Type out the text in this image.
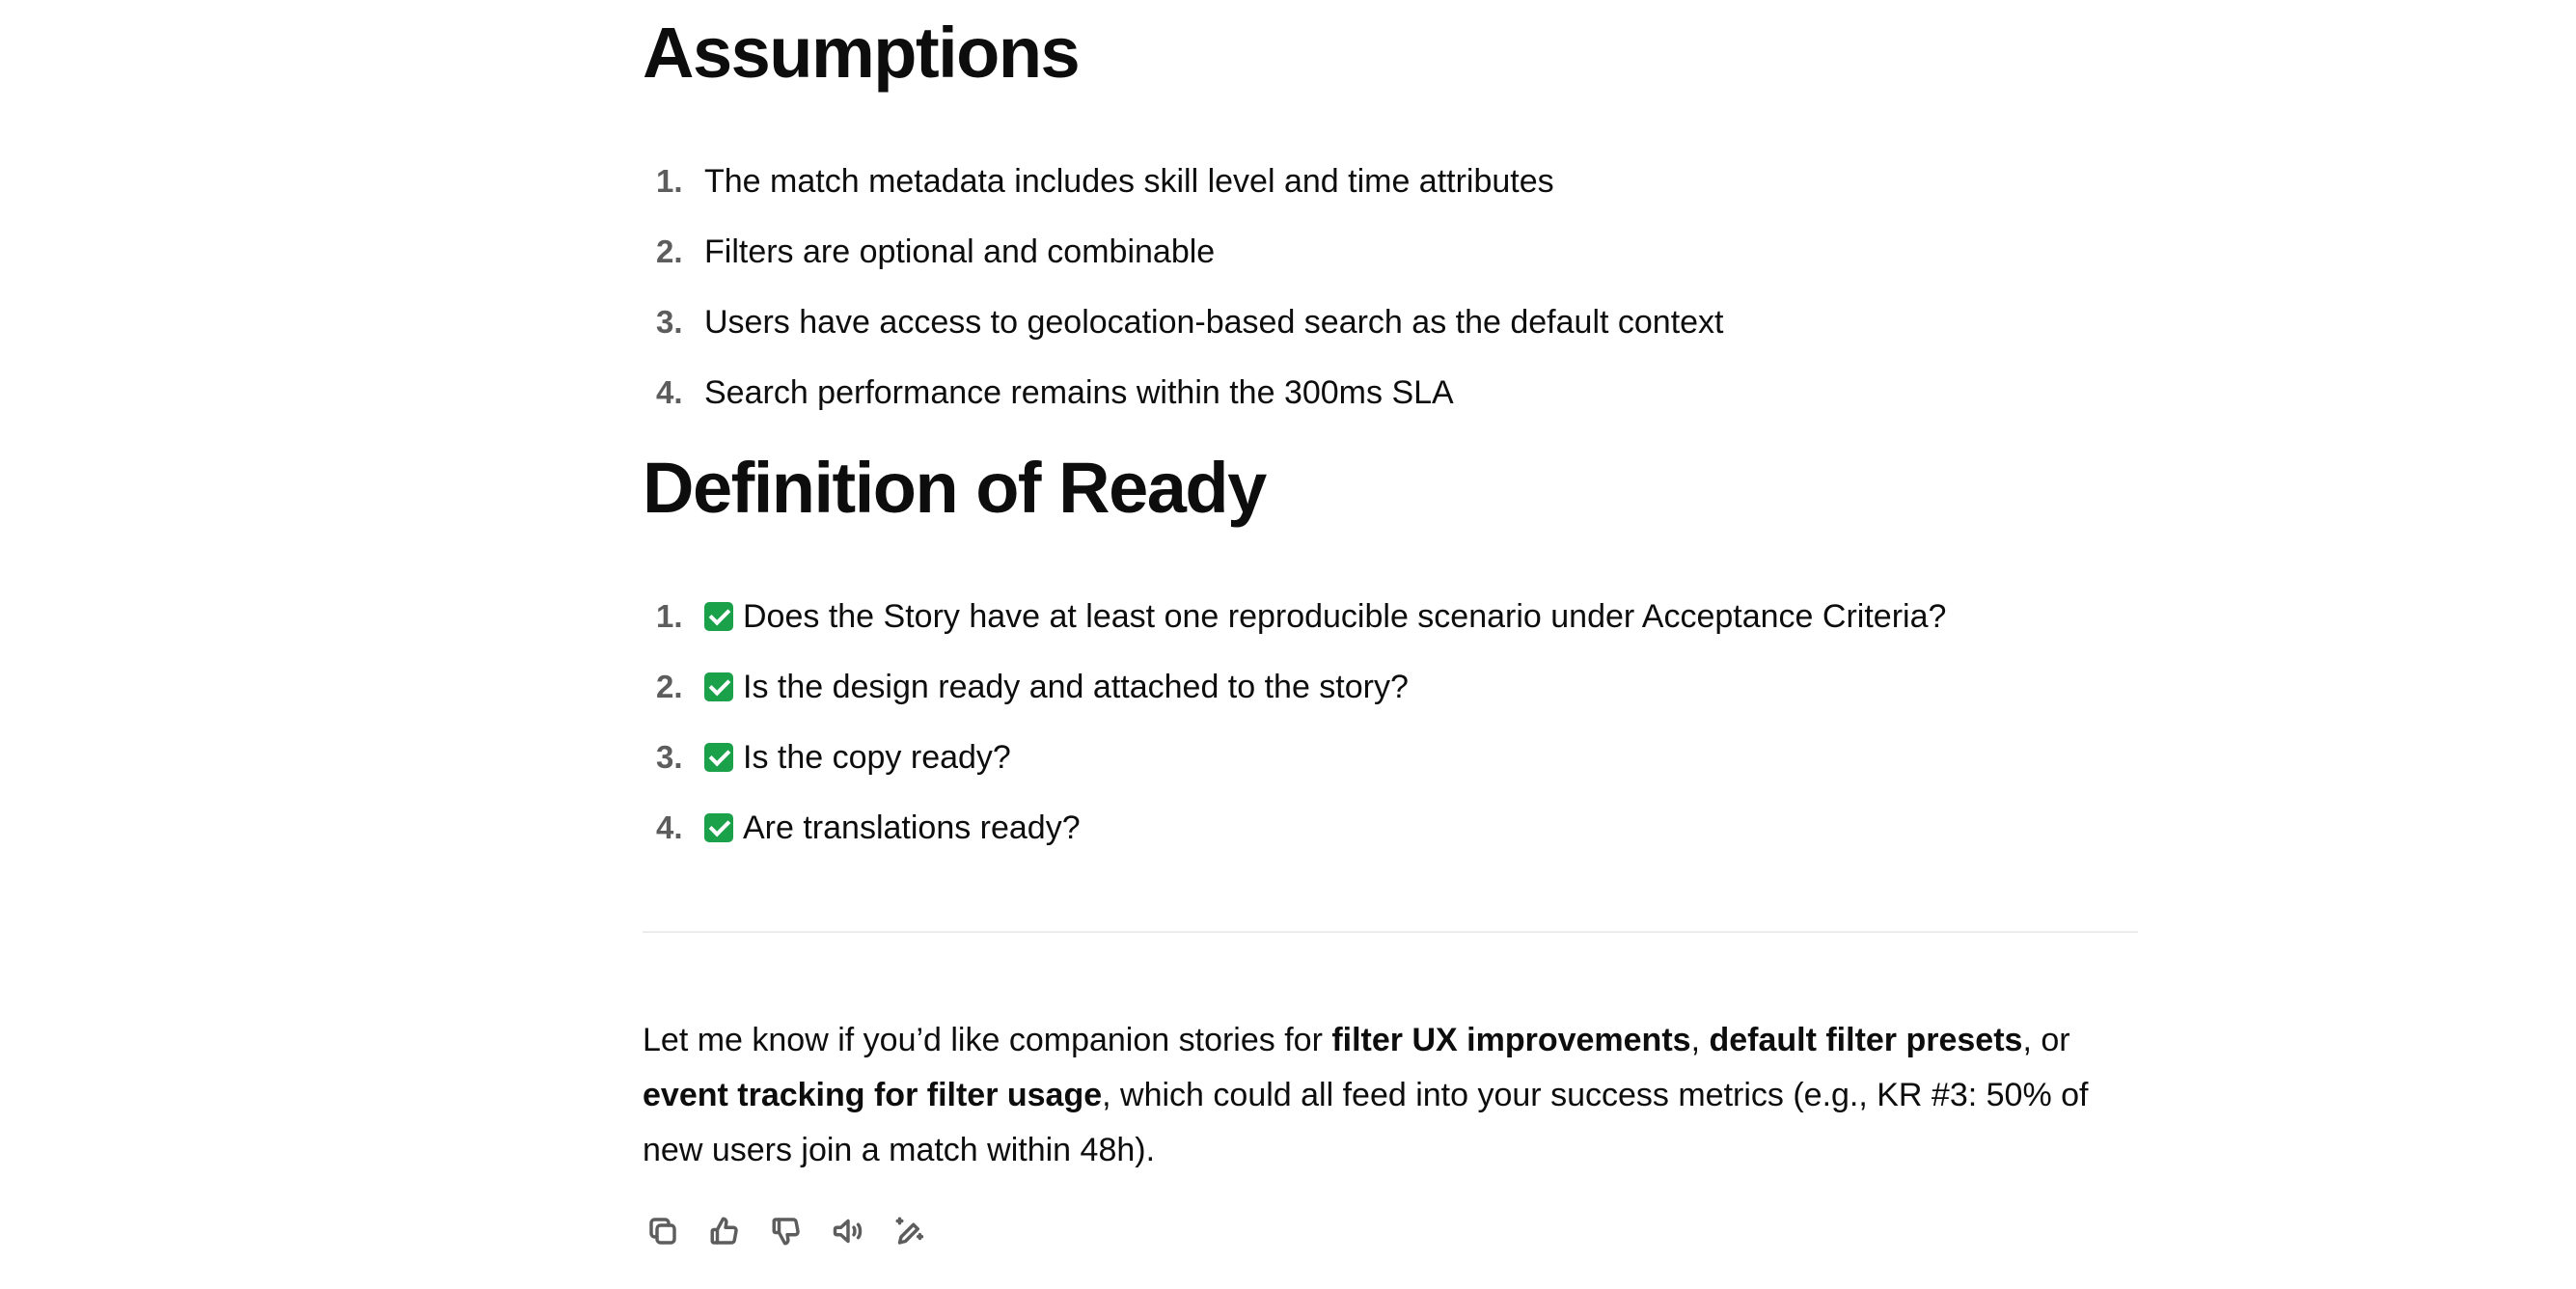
Assumptions
1. The match metadata includes skill level and time attributes
2. Filters are optional and combinable
3. Users have access to geolocation-based search as the default context
4. Search performance remains within the 300ms SLA
Definition of Ready
1. Does the Story have at least one reproducible scenario under Acceptance Criteria?
2. Is the design ready and attached to the story?
3. Is the copy ready?
4. Are translations ready?

Let me know if you’d like companion stories for filter UX improvements, default filter presets, or event tracking for filter usage, which could all feed into your success metrics (e.g., KR #3: 50% of new users join a match within 48h).
